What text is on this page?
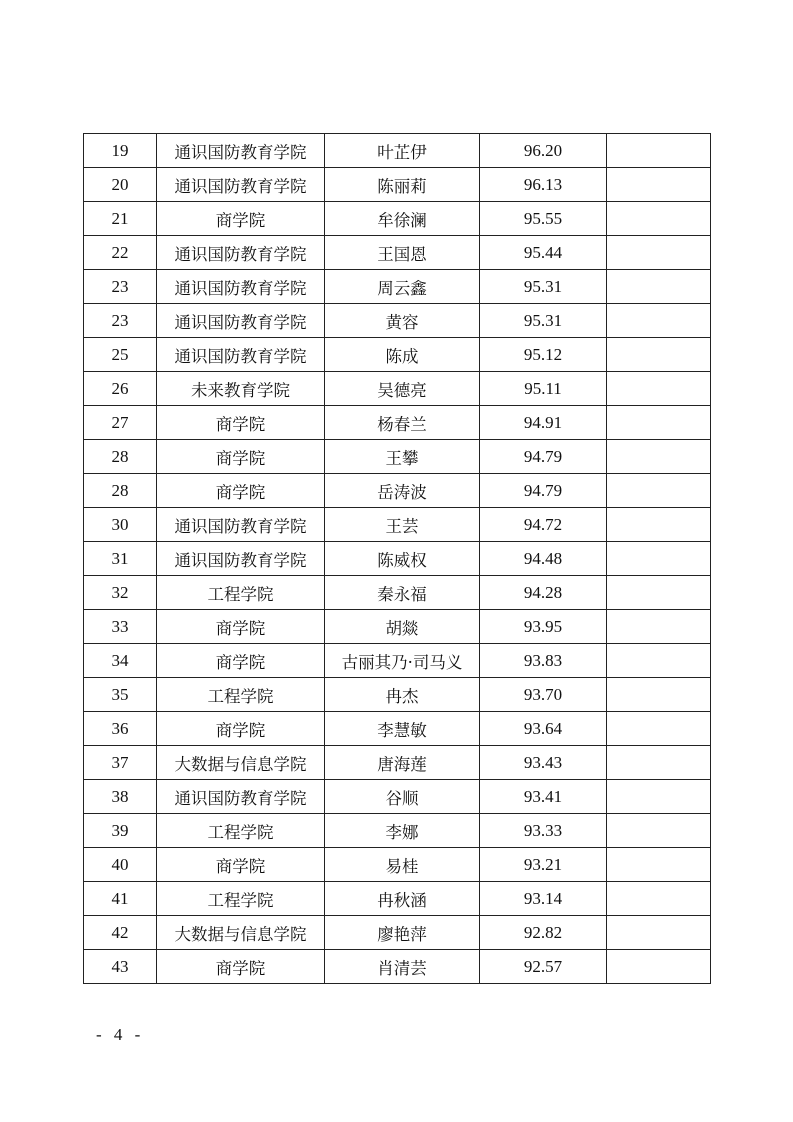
19	通识国防教育学院	叶芷伊	96.20	
20	通识国防教育学院	陈丽莉	96.13	
21	商学院	牟徐澜	95.55	
22	通识国防教育学院	王国恩	95.44	
23	通识国防教育学院	周云鑫	95.31	
23	通识国防教育学院	黄容	95.31	
25	通识国防教育学院	陈成	95.12	
26	未来教育学院	吴德亮	95.11	
27	商学院	杨春兰	94.91	
28	商学院	王攀	94.79	
28	商学院	岳涛波	94.79	
30	通识国防教育学院	王芸	94.72	
31	通识国防教育学院	陈威权	94.48	
32	工程学院	秦永福	94.28	
33	商学院	胡燚	93.95	
34	商学院	古丽其乃·司马义	93.83	
35	工程学院	冉杰	93.70	
36	商学院	李慧敏	93.64	
37	大数据与信息学院	唐海莲	93.43	
38	通识国防教育学院	谷顺	93.41	
39	工程学院	李娜	93.33	
40	商学院	易桂	93.21	
41	工程学院	冉秋涵	93.14	
42	大数据与信息学院	廖艳萍	92.82	
43	商学院	肖清芸	92.57	
- 4 -
